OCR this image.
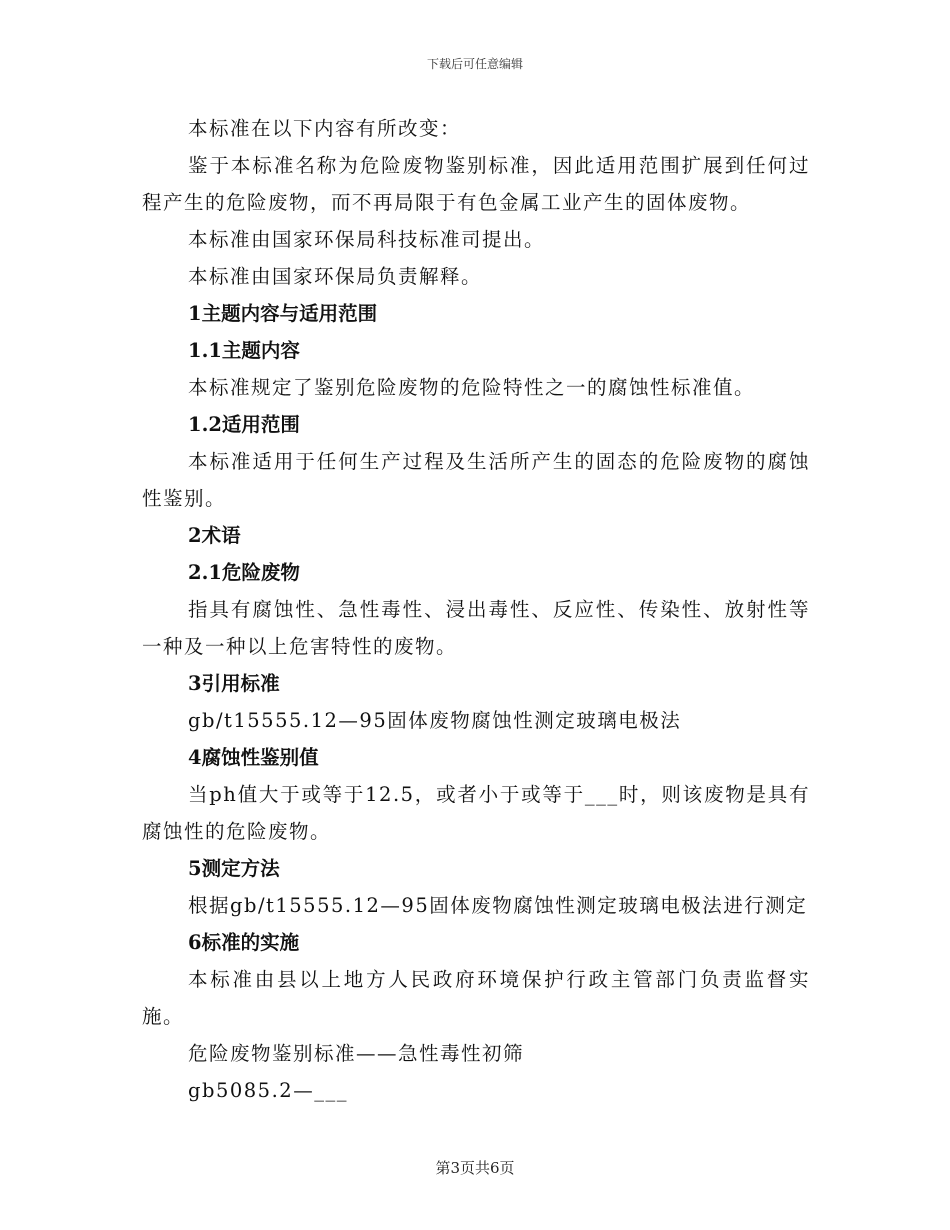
下载后可任意编辑

本标准在以下内容有所改变：

鉴于本标准名称为危险废物鉴别标准，因此适用范围扩展到任何过程产生的危险废物，而不再局限于有色金属工业产生的固体废物。

本标准由国家环保局科技标准司提出。

本标准由国家环保局负责解释。

1主题内容与适用范围

1.1主题内容

本标准规定了鉴别危险废物的危险特性之一的腐蚀性标准值。

1.2适用范围

本标准适用于任何生产过程及生活所产生的固态的危险废物的腐蚀性鉴别。

2术语

2.1危险废物

指具有腐蚀性、急性毒性、浸出毒性、反应性、传染性、放射性等一种及一种以上危害特性的废物。

3引用标准

gb/t15555.12—95固体废物腐蚀性测定玻璃电极法

4腐蚀性鉴别值

当ph值大于或等于12.5，或者小于或等于___时，则该废物是具有腐蚀性的危险废物。

5测定方法

根据gb/t15555.12—95固体废物腐蚀性测定玻璃电极法进行测定

6标准的实施

本标准由县以上地方人民政府环境保护行政主管部门负责监督实施。

危险废物鉴别标准——急性毒性初筛

gb5085.2—___

第3页共6页
